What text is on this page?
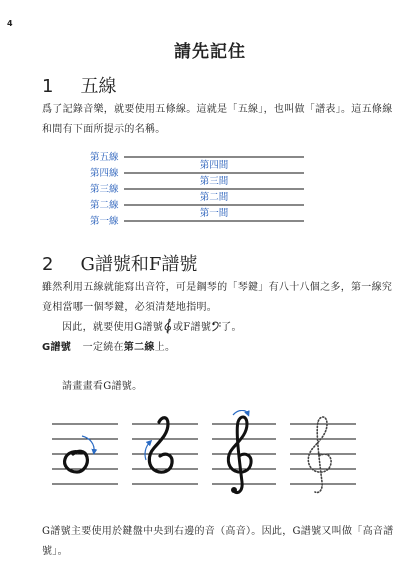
4
請先記住
1 五線
爲了記錄音樂，就要使用五條線。這就是「五線」，也叫做「譜表」。這五條線和間有下面所提示的名稱。
第五線
第四線
第三線
第二線
第一線
第四間
第三間
第二間
第一間
2 G譜號和F譜號
雖然利用五線就能寫出音符，可是鋼琴的「琴鍵」有八十八個之多，第一線究竟相當哪一個琴鍵，必須清楚地指明。
因此，就要使用G譜號 或F譜號 了。
G譜號 一定繞在第二線上。
請畫畫看G譜號。
G譜號主要使用於鍵盤中央到右邊的音（高音）。因此，G譜號又叫做「高音譜號」。
